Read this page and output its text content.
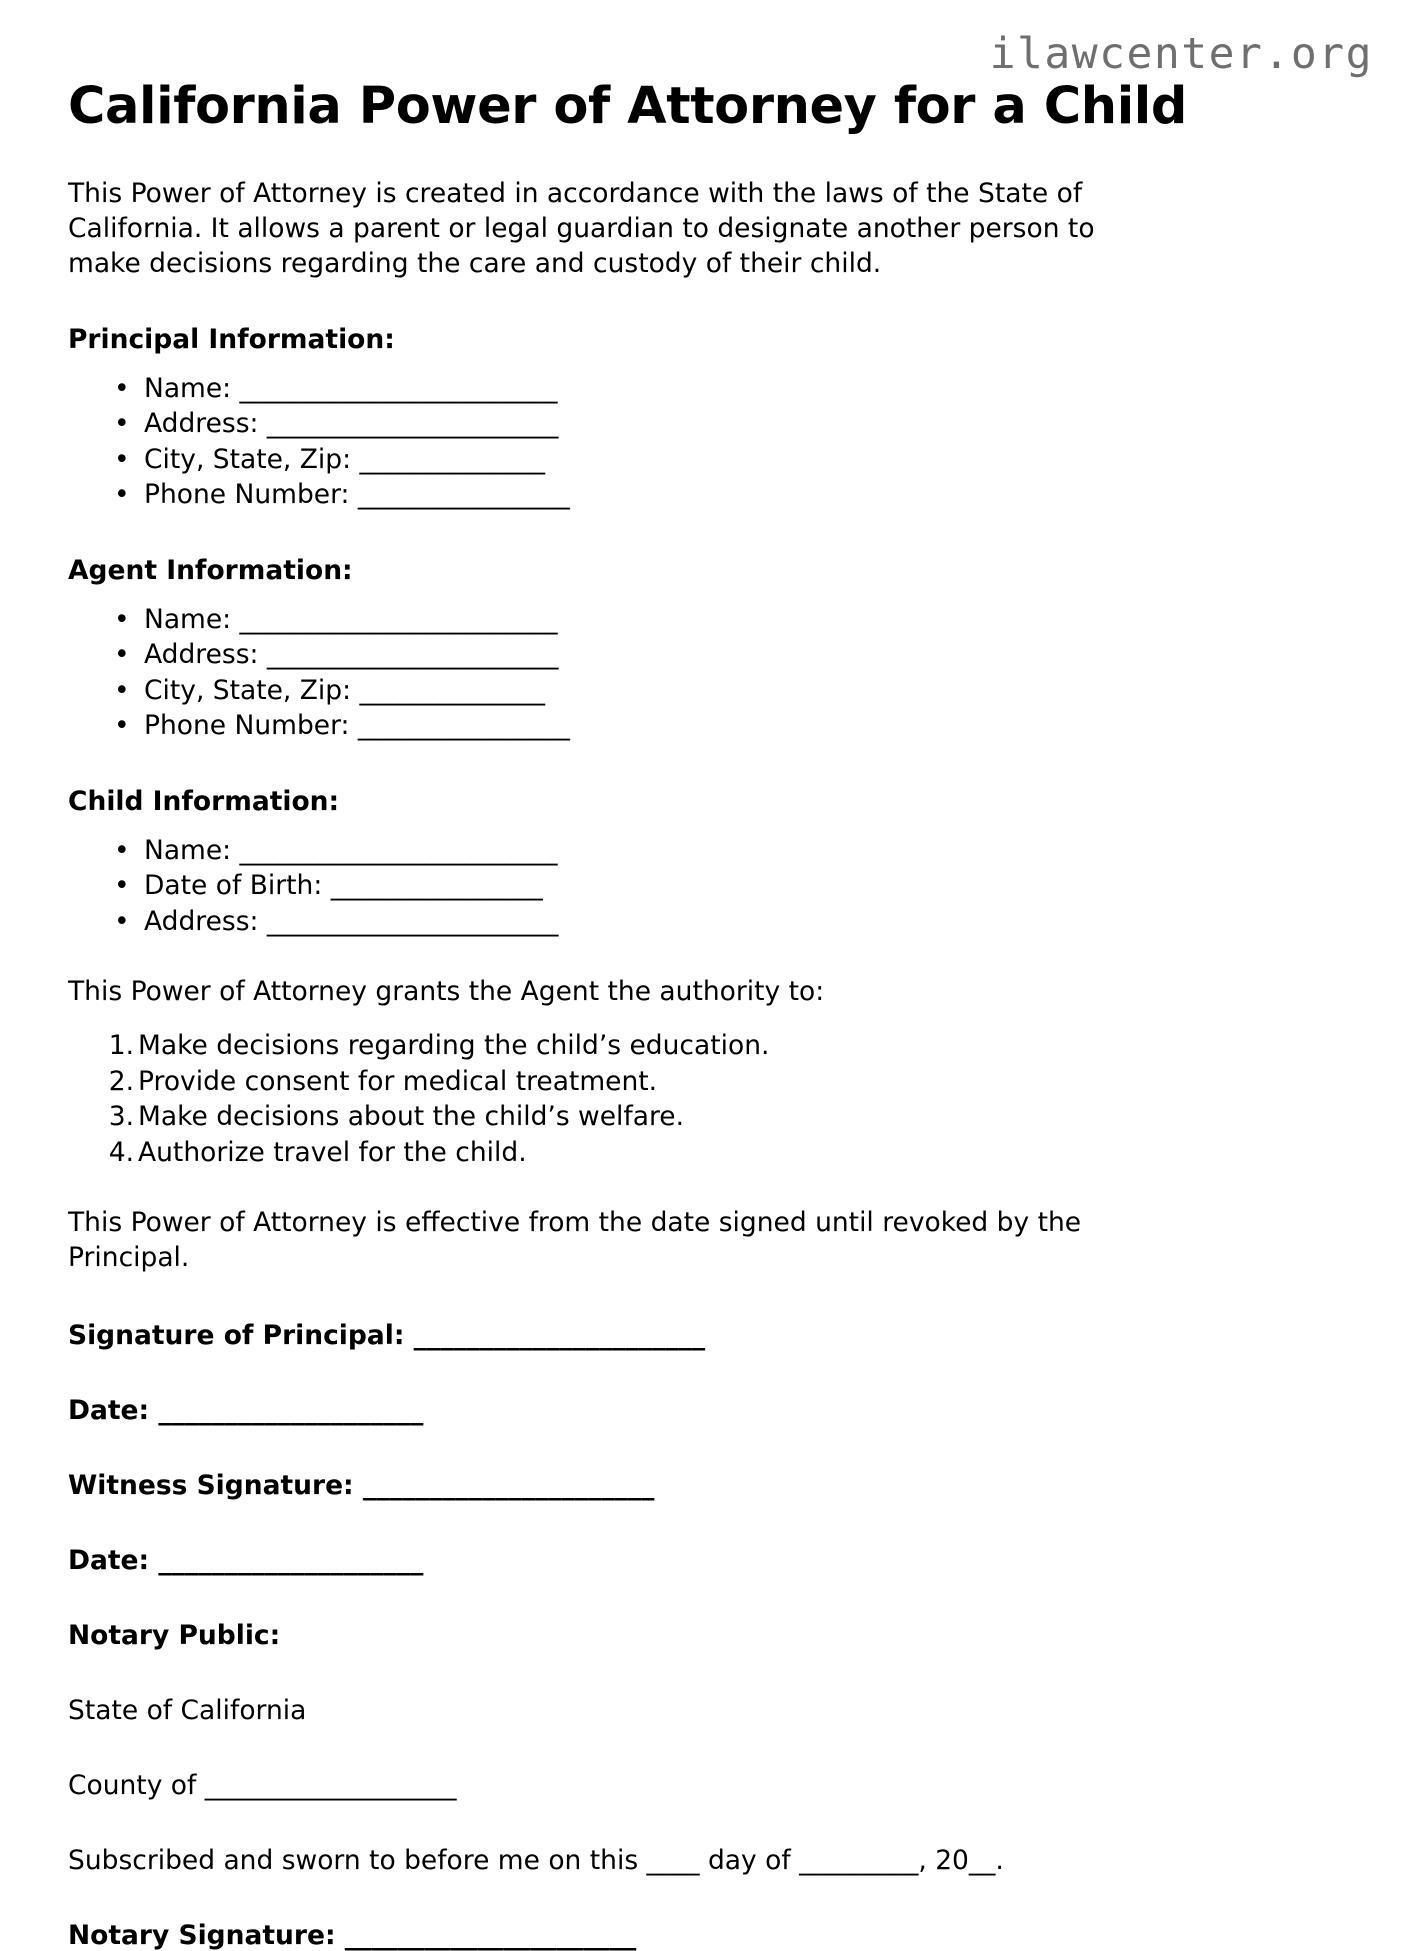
ilawcenter.org
California Power of Attorney for a Child

This Power of Attorney is created in accordance with the laws of the State of California. It allows a parent or legal guardian to designate another person to make decisions regarding the care and custody of their child.

Principal Information:
• Name: ________________________
• Address: ______________________
• City, State, Zip: ______________
• Phone Number: ________________
Agent Information:
• Name: ________________________
• Address: ______________________
• City, State, Zip: ______________
• Phone Number: ________________
Child Information:
• Name: ________________________
• Date of Birth: ________________
• Address: ______________________

This Power of Attorney grants the Agent the authority to:

Make decisions regarding the child’s education.
Provide consent for medical treatment.
Make decisions about the child’s welfare.
Authorize travel for the child.

This Power of Attorney is effective from the date signed until revoked by the Principal.

Signature of Principal: ______________________

Date: ____________________

Witness Signature: ______________________

Date: ____________________

Notary Public:

State of California

County of ___________________

Subscribed and sworn to before me on this ____ day of _________, 20__.

Notary Signature: ______________________
